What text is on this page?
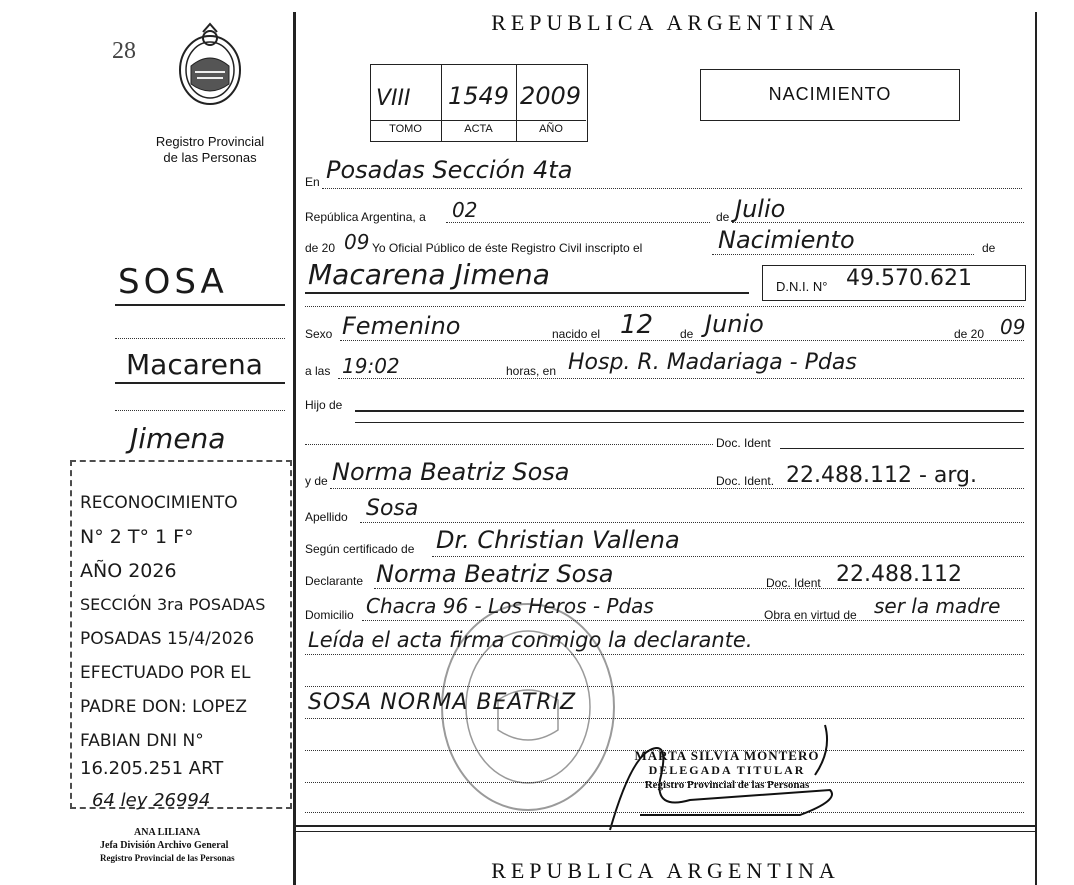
28
Registro Provincial
de las Personas
REPUBLICA ARGENTINA
VIII 1549 2009
TOMO	ACTA	AÑO
NACIMIENTO
SOSA
Macarena
Jimena
RECONOCIMIENTO
N° 2 T° 1 F°
AÑO 2026
SECCIÓN 3ra POSADAS
POSADAS 15/4/2026
EFECTUADO POR EL
PADRE DON: LOPEZ
FABIAN DNI N°
16.205.251 ART
64 ley 26994
ANA LILIANA
Jefa División Archivo General
Registro Provincial de las Personas
En Posadas Sección 4ta
República Argentina, a 02	de Julio
de 20 09 Yo Oficial Público de éste Registro Civil inscripto el	Nacimiento	de
Macarena Jimena	D.N.I. N° 49.570.621
Sexo Femenino	nacido el 12 de Junio	de 20 09
a las 19:02	horas, en Hosp. R. Madariaga - Pdas
Hijo de
Doc. Ident
y de Norma Beatriz Sosa	Doc. Ident. 22.488.112 - arg.
Apellido Sosa
Según certificado de Dr. Christian Vallena
Declarante Norma Beatriz Sosa	Doc. Ident 22.488.112
Domicilio Chacra 96 - Los Heros - Pdas	Obra en virtud de ser la madre
Leída el acta firma conmigo la declarante.
SOSA NORMA BEATRIZ
MARTA SILVIA MONTERO
DELEGADA TITULAR
Registro Provincial de las Personas
REPUBLICA ARGENTINA
